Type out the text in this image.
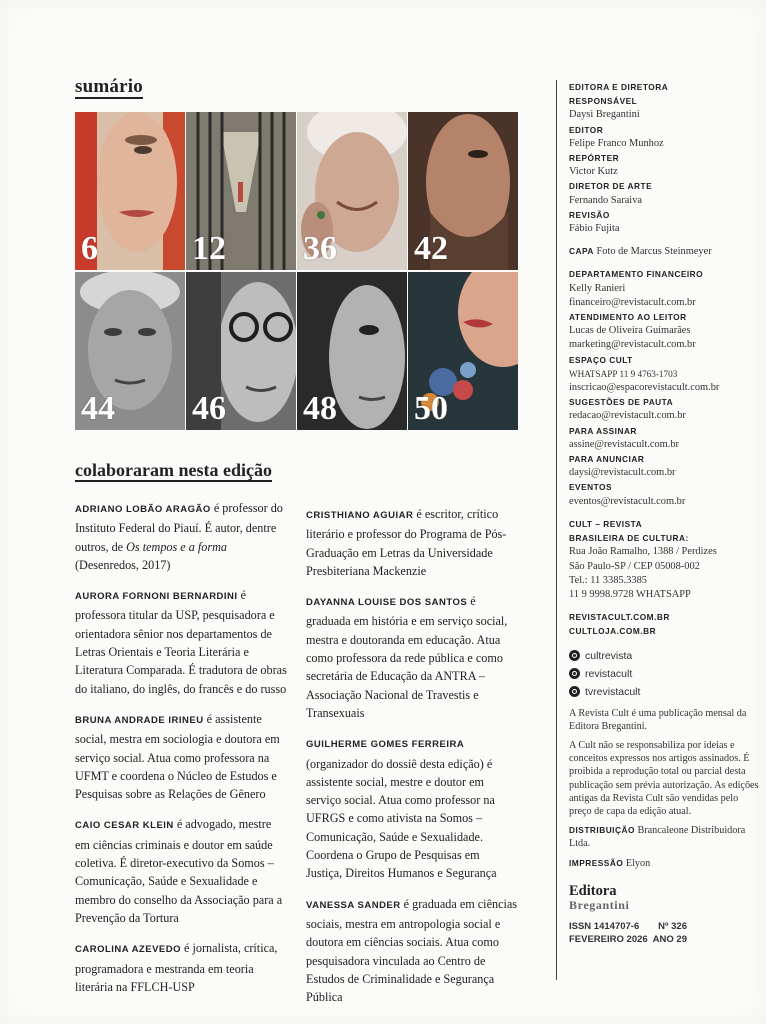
sumário
6	12 36 42
44 46 48 50
colaboraram nesta edição
ADRIANO LOBÃO ARAGÃO é professor do Instituto Federal do Piauí. É autor, dentre outros, de Os tempos e a forma (Desenredos, 2017)
AURORA FORNONI BERNARDINI é professora titular da USP, pesquisadora e orientadora sênior nos departamentos de Letras Orientais e Teoria Literária e Literatura Comparada. É tradutora de obras do italiano, do inglês, do francês e do russo
BRUNA ANDRADE IRINEU é assistente social, mestra em sociologia e doutora em serviço social. Atua como professora na UFMT e coordena o Núcleo de Estudos e Pesquisas sobre as Relações de Gênero
CAIO CESAR KLEIN é advogado, mestre em ciências criminais e doutor em saúde coletiva. É diretor-executivo da Somos – Comunicação, Saúde e Sexualidade e membro do conselho da Associação para a Prevenção da Tortura
CAROLINA AZEVEDO é jornalista, crítica, programadora e mestranda em teoria literária na FFLCH-USP
CRISTHIANO AGUIAR é escritor, crítico literário e professor do Programa de Pós-Graduação em Letras da Universidade Presbiteriana Mackenzie
DAYANNA LOUISE DOS SANTOS é graduada em história e em serviço social, mestra e doutoranda em educação. Atua como professora da rede pública e como secretária de Educação da ANTRA – Associação Nacional de Travestis e Transexuais
GUILHERME GOMES FERREIRA (organizador do dossiê desta edição) é assistente social, mestre e doutor em serviço social. Atua como professor na UFRGS e como ativista na Somos – Comunicação, Saúde e Sexualidade. Coordena o Grupo de Pesquisas em Justiça, Direitos Humanos e Segurança
VANESSA SANDER é graduada em ciências sociais, mestra em antropologia social e doutora em ciências sociais. Atua como pesquisadora vinculada ao Centro de Estudos de Criminalidade e Segurança Pública
EDITORA E DIRETORA
RESPONSÁVEL
Daysi Bregantini
EDITOR
Felipe Franco Munhoz
REPÓRTER
Victor Kutz
DIRETOR DE ARTE
Fernando Saraiva
REVISÃO
Fábio Fujita
CAPA Foto de Marcus Steinmeyer
DEPARTAMENTO FINANCEIRO
Kelly Ranieri
financeiro@revistacult.com.br
ATENDIMENTO AO LEITOR
Lucas de Oliveira Guimarães
marketing@revistacult.com.br
ESPAÇO CULT
WHATSAPP 11 9 4763-1703
inscricao@espacorevistacult.com.br
SUGESTÕES DE PAUTA
redacao@revistacult.com.br
PARA ASSINAR
assine@revistacult.com.br
PARA ANUNCIAR
daysi@revistacult.com.br
EVENTOS
eventos@revistacult.com.br
CULT – REVISTA
BRASILEIRA DE CULTURA:
Rua João Ramalho, 1388 / Perdizes
São Paulo-SP / CEP 05008-002
Tel.: 11 3385.3385
11 9 9998.9728 WHATSAPP
REVISTACULT.COM.BR
CULTLOJA.COM.BR
cultrevista
revistacult
tvrevistacult
A Revista Cult é uma publicação mensal da Editora Bregantini.
A Cult não se responsabiliza por ideias e conceitos expressos nos artigos assinados. É proibida a reprodução total ou parcial desta publicação sem prévia autorização. As edições antigas da Revista Cult são vendidas pelo preço de capa da edição atual.
DISTRIBUIÇÃO Brancaleone Distribuidora Ltda.
IMPRESSÃO Elyon
Editora
Bregantini
ISSN 1414707-6 Nº 326
FEVEREIRO 2026 ANO 29
